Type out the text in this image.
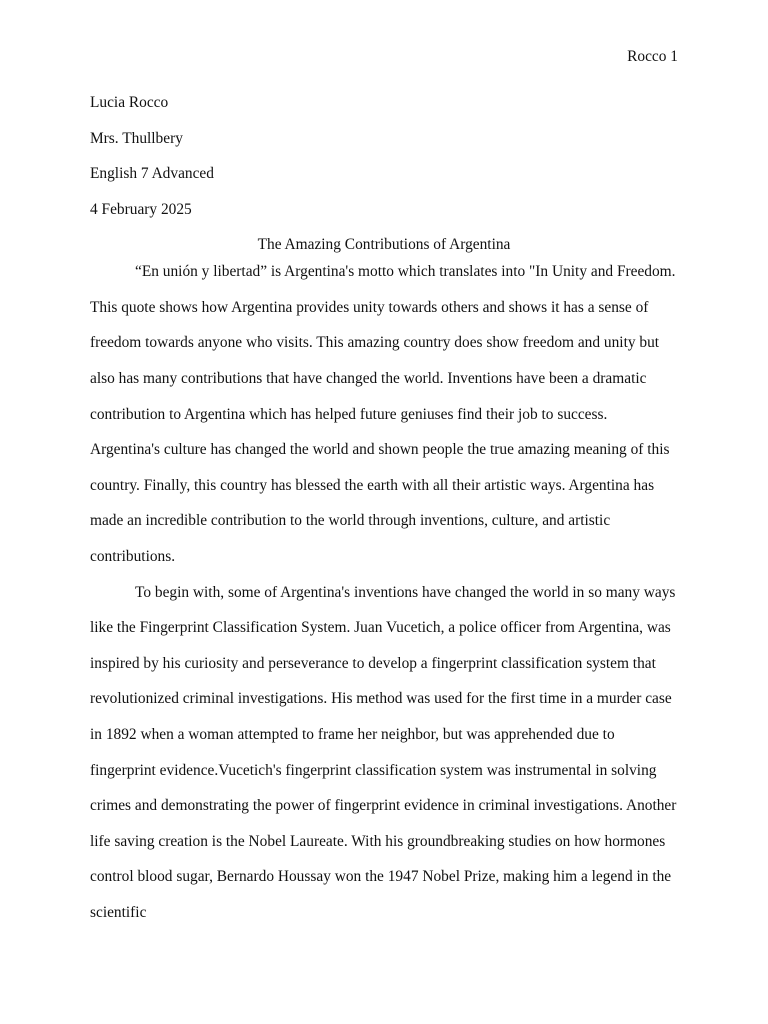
Rocco 1
Lucia Rocco
Mrs. Thullbery
English 7 Advanced
4 February 2025
The Amazing Contributions of Argentina

“En unión y libertad” is Argentina's motto which translates into "In Unity and Freedom. This quote shows how Argentina provides unity towards others and shows it has a sense of freedom towards anyone who visits. This amazing country does show freedom and unity but also has many contributions that have changed the world. Inventions have been a dramatic contribution to Argentina which has helped future geniuses find their job to success. Argentina's culture has changed the world and shown people the true amazing meaning of this country. Finally, this country has blessed the earth with all their artistic ways. Argentina has made an incredible contribution to the world through inventions, culture, and artistic contributions.

To begin with, some of Argentina's inventions have changed the world in so many ways like the Fingerprint Classification System. Juan Vucetich, a police officer from Argentina, was inspired by his curiosity and perseverance to develop a fingerprint classification system that revolutionized criminal investigations. His method was used for the first time in a murder case in 1892 when a woman attempted to frame her neighbor, but was apprehended due to fingerprint evidence.Vucetich's fingerprint classification system was instrumental in solving crimes and demonstrating the power of fingerprint evidence in criminal investigations. Another life saving creation is the Nobel Laureate. With his groundbreaking studies on how hormones control blood sugar, Bernardo Houssay won the 1947 Nobel Prize, making him a legend in the scientific
